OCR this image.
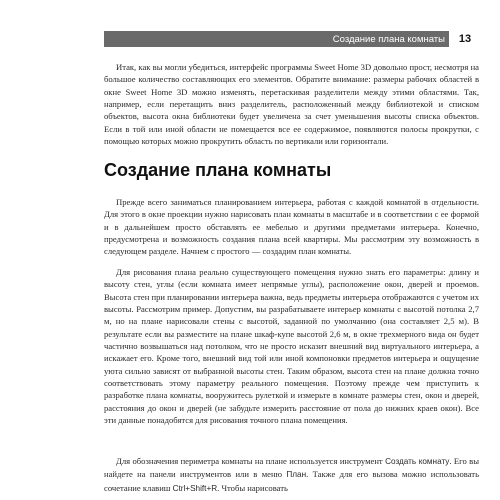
Создание плана комнаты	13

Итак, как вы могли убедиться, интерфейс программы Sweet Home 3D довольно прост, несмотря на большое количество составляющих его элементов. Обратите внимание: размеры рабочих областей в окне Sweet Home 3D можно изменять, перетаскивая разделители между этими областями. Так, например, если перетащить вниз разделитель, расположенный между библиотекой и списком объектов, высота окна библиотеки будет увеличена за счет уменьшения высоты списка объектов. Если в той или иной области не помещается все ее содержимое, появляются полосы прокрутки, с помощью которых можно прокрутить область по вертикали или горизонтали.

Создание плана комнаты

Прежде всего заниматься планированием интерьера, работая с каждой комнатой в отдельности. Для этого в окне проекции нужно нарисовать план комнаты в масштабе и в соответствии с ее формой и в дальнейшем просто обставлять ее мебелью и другими предметами интерьера. Конечно, предусмотрена и возможность создания плана всей квартиры. Мы рассмотрим эту возможность в следующем разделе. Начнем с простого — создадим план комнаты.

Для рисования плана реально существующего помещения нужно знать его параметры: длину и высоту стен, углы (если комната имеет непрямые углы), расположение окон, дверей и проемов. Высота стен при планировании интерьера важна, ведь предметы интерьера отображаются с учетом их высоты. Рассмотрим пример. Допустим, вы разрабатываете интерьер комнаты с высотой потолка 2,7 м, но на плане нарисовали стены с высотой, заданной по умолчанию (она составляет 2,5 м). В результате если вы разместите на плане шкаф-купе высотой 2,6 м, в окне трехмерного вида он будет частично возвышаться над потолком, что не просто исказит внешний вид виртуального интерьера, а искажает его. Кроме того, внешний вид той или иной компоновки предметов интерьера и ощущение уюта сильно зависят от выбранной высоты стен. Таким образом, высота стен на плане должна точно соответствовать этому параметру реального помещения. Поэтому прежде чем приступить к разработке плана комнаты, вооружитесь рулеткой и измерьте в комнате размеры стен, окон и дверей, расстояния до окон и дверей (не забудьте измерить расстояние от пола до нижних краев окон). Все эти данные понадобятся для рисования точного плана помещения.

Для обозначения периметра комнаты на плане используется инструмент Создать комнату. Его вы найдете на панели инструментов или в меню План. Также для его вызова можно использовать сочетание клавиш Ctrl+Shift+R. Чтобы нарисовать
